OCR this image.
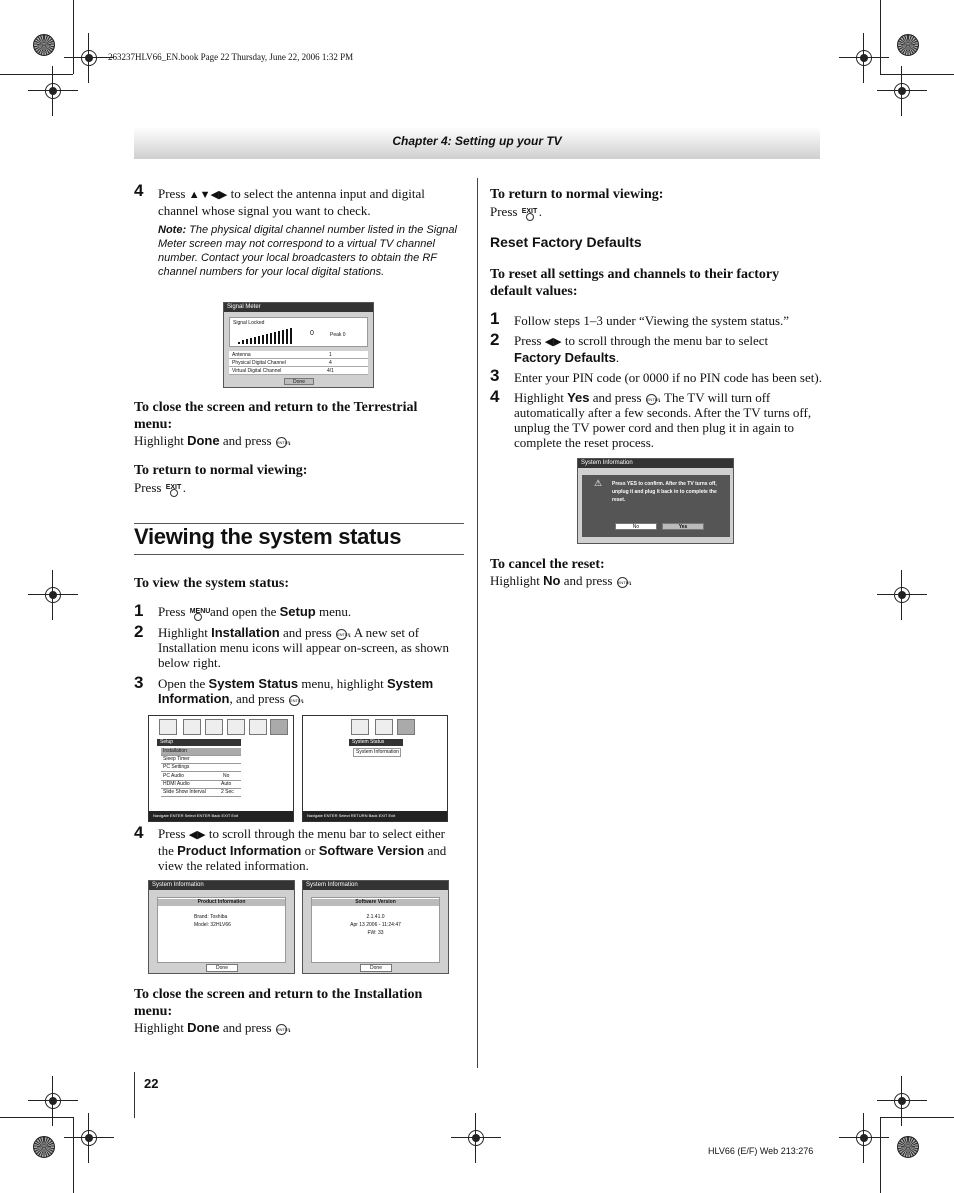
263237HLV66_EN.book Page 22 Thursday, June 22, 2006 1:32 PM
Chapter 4: Setting up your TV
4 Press ▲▼◀▶ to select the antenna input and digital channel whose signal you want to check.
Note: The physical digital channel number listed in the Signal Meter screen may not correspond to a virtual TV channel number. Contact your local broadcasters to obtain the RF channel numbers for your local digital stations.
Signal Meter
Signal Locked
0	Peak 0
Antenna	1
Physical Digital Channel	4
Virtual Digital Channel	4/1
Done
To close the screen and return to the Terrestrial menu:
Highlight Done and press ENTER.
To return to normal viewing:
Press EXIT .
Viewing the system status
To view the system status:
1 Press MENU
and open the Setup menu.
2 Highlight Installation and press ENTER. A new set of Installation menu icons will appear on-screen, as shown below right.
3 Open the System Status menu, highlight System Information, and press ENTER.
Setup
Installation
Sleep Timer
PC Settings
PC Audio	No
HDMI Audio	Auto
Slide Show Interval	2 Sec
Navigate ENTER Select ENTER Back EXIT Exit
System Status
System Information
Navigate ENTER Select RETURN Back EXIT Exit
4 Press ◀▶ to scroll through the menu bar to select either the Product Information or Software Version and view the related information.
System Information
Product Information
Brand: Toshiba
Model: 32HLV66
Done
System Information
Software Version
2.1.41.0
Apr 13 2006 - 11:24:47
FW: 33
Done
To close the screen and return to the Installation menu:
Highlight Done and press ENTER.
22
To return to normal viewing:
Press EXIT .
Reset Factory Defaults
To reset all settings and channels to their factory default values:
1 Follow steps 1–3 under “Viewing the system status.”
2 Press ◀▶ to scroll through the menu bar to select Factory Defaults.
3 Enter your PIN code (or 0000 if no PIN code has been set).
4 Highlight Yes and press ENTER. The TV will turn off automatically after a few seconds. After the TV turns off, unplug the TV power cord and then plug it in again to complete the reset process.
System Information
⚠ Press YES to confirm. After the TV turns off, unplug it and plug it back in to complete the reset.
No	Yes
To cancel the reset:
Highlight No and press ENTER.
HLV66 (E/F) Web 213:276
